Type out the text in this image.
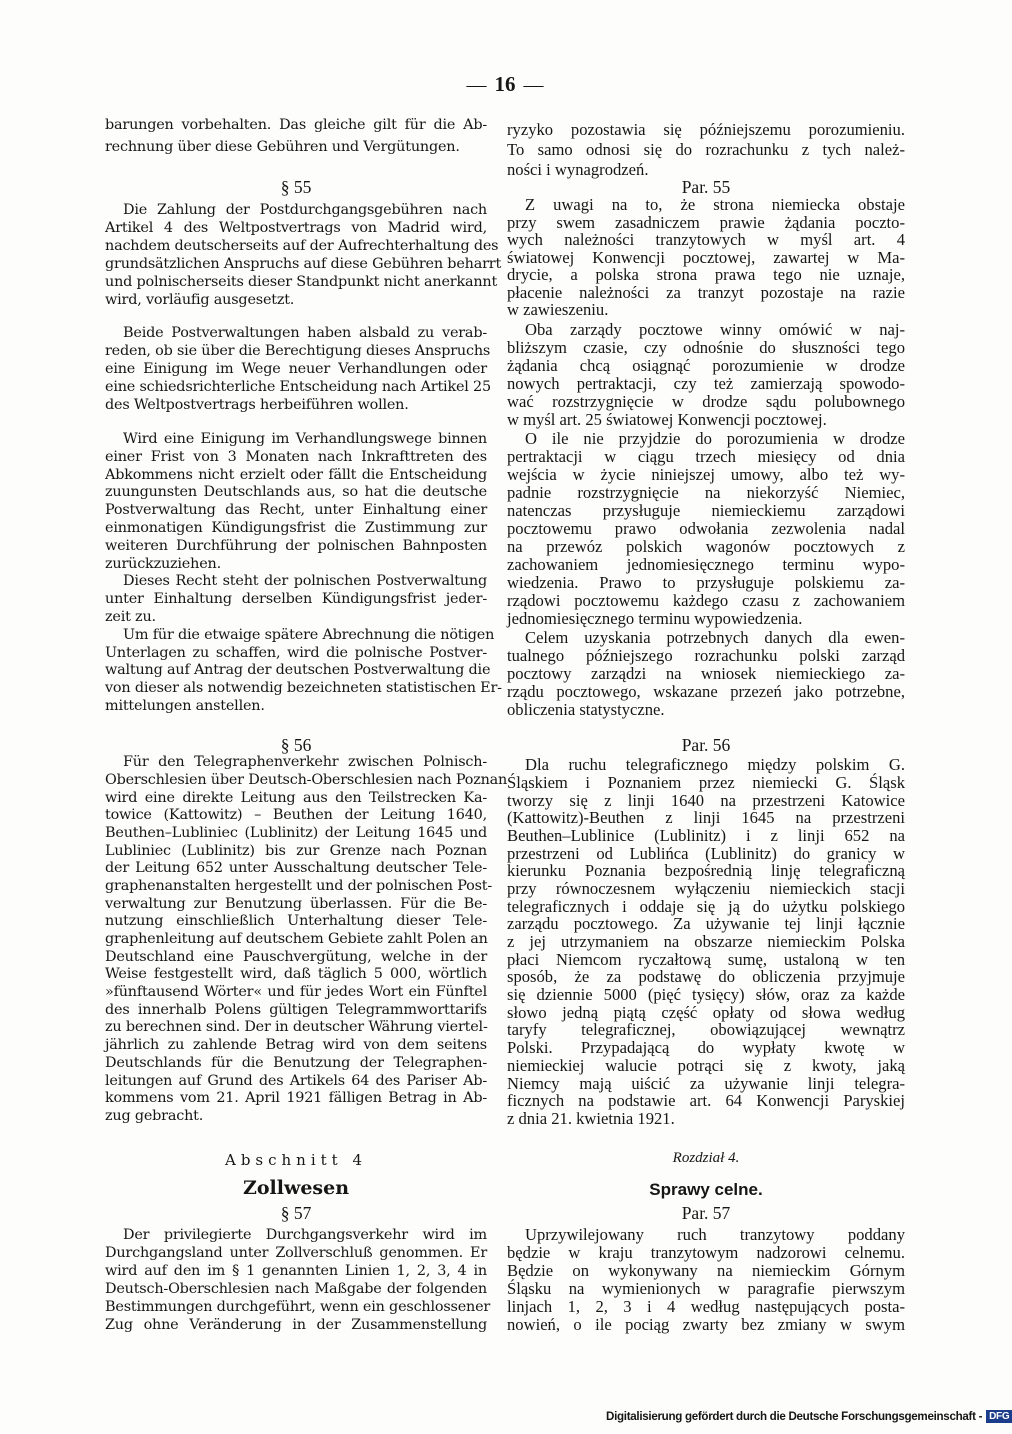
— 16 —
barungen vorbehalten. Das gleiche gilt für die Ab-
rechnung über diese Gebühren und Vergütungen.
§ 55
Die Zahlung der Postdurchgangsgebühren nach
Artikel 4 des Weltpostvertrags von Madrid wird,
nachdem deutscherseits auf der Aufrechterhaltung des
grundsätzlichen Anspruchs auf diese Gebühren beharrt
und polnischerseits dieser Standpunkt nicht anerkannt
wird, vorläufig ausgesetzt.
Beide Postverwaltungen haben alsbald zu verab-
reden, ob sie über die Berechtigung dieses Anspruchs
eine Einigung im Wege neuer Verhandlungen oder
eine schiedsrichterliche Entscheidung nach Artikel 25
des Weltpostvertrags herbeiführen wollen.
Wird eine Einigung im Verhandlungswege binnen
einer Frist von 3 Monaten nach Inkrafttreten des
Abkommens nicht erzielt oder fällt die Entscheidung
zuungunsten Deutschlands aus, so hat die deutsche
Postverwaltung das Recht, unter Einhaltung einer
einmonatigen Kündigungsfrist die Zustimmung zur
weiteren Durchführung der polnischen Bahnposten
zurückzuziehen.
Dieses Recht steht der polnischen Postverwaltung
unter Einhaltung derselben Kündigungsfrist jeder-
zeit zu.
Um für die etwaige spätere Abrechnung die nötigen
Unterlagen zu schaffen, wird die polnische Postver-
waltung auf Antrag der deutschen Postverwaltung die
von dieser als notwendig bezeichneten statistischen Er-
mittelungen anstellen.
§ 56
Für den Telegraphenverkehr zwischen Polnisch-
Oberschlesien über Deutsch-Oberschlesien nach Poznan
wird eine direkte Leitung aus den Teilstrecken Ka-
towice (Kattowitz) – Beuthen der Leitung 1640,
Beuthen–Lubliniec (Lublinitz) der Leitung 1645 und
Lubliniec (Lublinitz) bis zur Grenze nach Poznan
der Leitung 652 unter Ausschaltung deutscher Tele-
graphenanstalten hergestellt und der polnischen Post-
verwaltung zur Benutzung überlassen. Für die Be-
nutzung einschließlich Unterhaltung dieser Tele-
graphenleitung auf deutschem Gebiete zahlt Polen an
Deutschland eine Pauschvergütung, welche in der
Weise festgestellt wird, daß täglich 5 000, wörtlich
»fünftausend Wörter« und für jedes Wort ein Fünftel
des innerhalb Polens gültigen Telegrammworttarifs
zu berechnen sind. Der in deutscher Währung viertel-
jährlich zu zahlende Betrag wird von dem seitens
Deutschlands für die Benutzung der Telegraphen-
leitungen auf Grund des Artikels 64 des Pariser Ab-
kommens vom 21. April 1921 fälligen Betrag in Ab-
zug gebracht.
Abschnitt 4
Zollwesen
§ 57
Der privilegierte Durchgangsverkehr wird im
Durchgangsland unter Zollverschluß genommen. Er
wird auf den im § 1 genannten Linien 1, 2, 3, 4 in
Deutsch-Oberschlesien nach Maßgabe der folgenden
Bestimmungen durchgeführt, wenn ein geschlossener
Zug ohne Veränderung in der Zusammenstellung
ryzyko pozostawia się późniejszemu porozumieniu.
To samo odnosi się do rozrachunku z tych należ-
ności i wynagrodzeń.
Par. 55
Z uwagi na to, że strona niemiecka obstaje
przy swem zasadniczem prawie żądania poczto-
wych należności tranzytowych w myśl art. 4
światowej Konwencji pocztowej, zawartej w Ma-
drycie, a polska strona prawa tego nie uznaje,
płacenie należności za tranzyt pozostaje na razie
w zawieszeniu.
Oba zarządy pocztowe winny omówić w naj-
bliższym czasie, czy odnośnie do słuszności tego
żądania chcą osiągnąć porozumienie w drodze
nowych pertraktacji, czy też zamierzają spowodo-
wać rozstrzygnięcie w drodze sądu polubownego
w myśl art. 25 światowej Konwencji pocztowej.
O ile nie przyjdzie do porozumienia w drodze
pertraktacji w ciągu trzech miesięcy od dnia
wejścia w życie niniejszej umowy, albo też wy-
padnie rozstrzygnięcie na niekorzyść Niemiec,
natenczas przysługuje niemieckiemu zarządowi
pocztowemu prawo odwołania zezwolenia nadal
na przewóz polskich wagonów pocztowych z
zachowaniem jednomiesięcznego terminu wypo-
wiedzenia. Prawo to przysługuje polskiemu za-
rządowi pocztowemu każdego czasu z zachowaniem
jednomiesięcznego terminu wypowiedzenia.
Celem uzyskania potrzebnych danych dla ewen-
tualnego późniejszego rozrachunku polski zarząd
pocztowy zarządzi na wniosek niemieckiego za-
rządu pocztowego, wskazane przezeń jako potrzebne,
obliczenia statystyczne.
Par. 56
Dla ruchu telegraficznego między polskim G.
Śląskiem i Poznaniem przez niemiecki G. Śląsk
tworzy się z linji 1640 na przestrzeni Katowice
(Kattowitz)-Beuthen z linji 1645 na przestrzeni
Beuthen–Lublinice (Lublinitz) i z linji 652 na
przestrzeni od Lublińca (Lublinitz) do granicy w
kierunku Poznania bezpośrednią linję telegraficzną
przy równoczesnem wyłączeniu niemieckich stacji
telegraficznych i oddaje się ją do użytku polskiego
zarządu pocztowego. Za używanie tej linji łącznie
z jej utrzymaniem na obszarze niemieckim Polska
płaci Niemcom ryczałtową sumę, ustaloną w ten
sposób, że za podstawę do obliczenia przyjmuje
się dziennie 5000 (pięć tysięcy) słów, oraz za każde
słowo jedną piątą część opłaty od słowa według
taryfy telegraficznej, obowiązującej wewnątrz
Polski. Przypadającą do wypłaty kwotę w
niemieckiej walucie potrąci się z kwoty, jaką
Niemcy mają uiścić za używanie linji telegra-
ficznych na podstawie art. 64 Konwencji Paryskiej
z dnia 21. kwietnia 1921.
Rozdział 4.
Sprawy celne.
Par. 57
Uprzywilejowany ruch tranzytowy poddany
będzie w kraju tranzytowym nadzorowi celnemu.
Będzie on wykonywany na niemieckim Górnym
Śląsku na wymienionych w paragrafie pierwszym
linjach 1, 2, 3 i 4 według następujących posta-
nowień, o ile pociąg zwarty bez zmiany w swym
Digitalisierung gefördert durch die Deutsche Forschungsgemeinschaft - DFG
